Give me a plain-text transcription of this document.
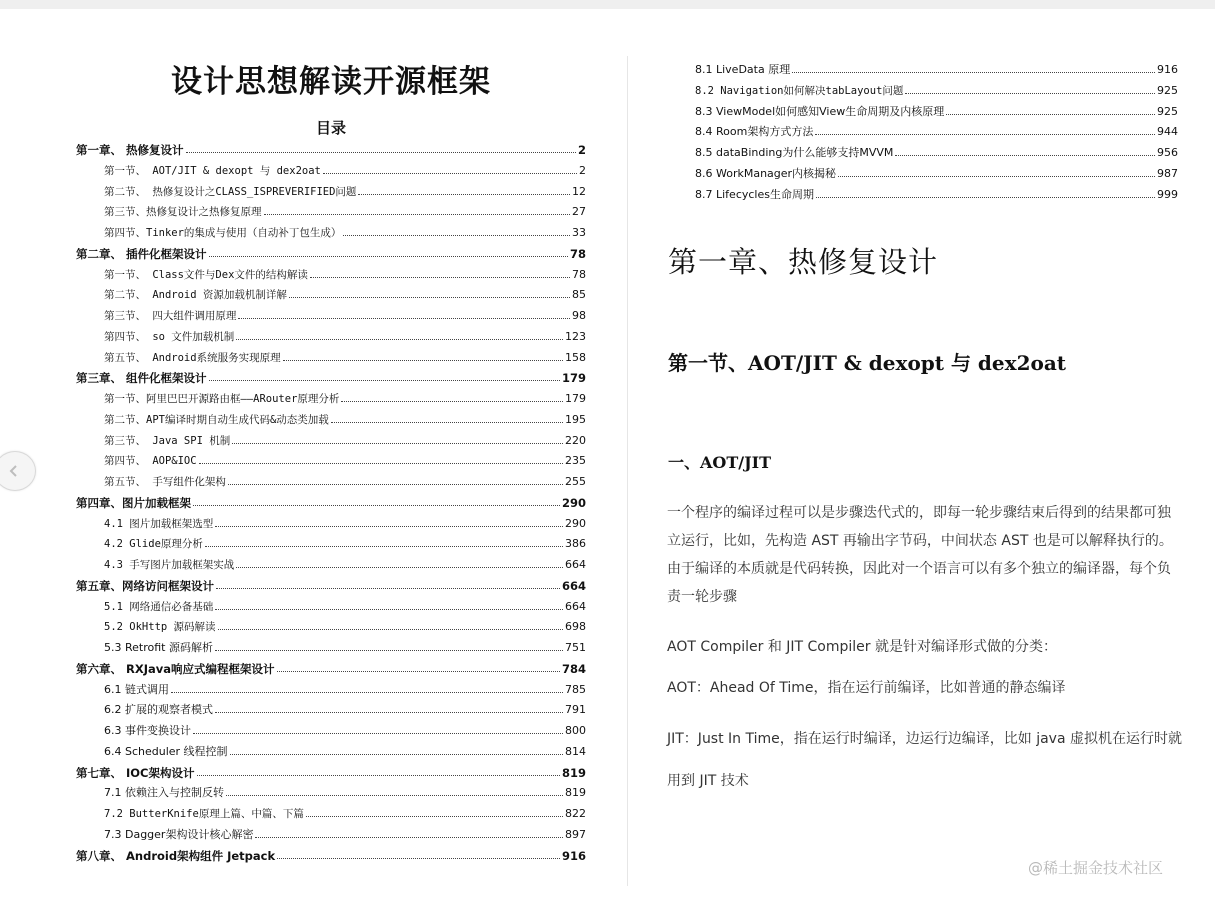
设计思想解读开源框架
目录
第一章、 热修复设计	2
第一节、 AOT/JIT & dexopt 与 dex2oat	2
第二节、 热修复设计之CLASS_ISPREVERIFIED问题	12
第三节、热修复设计之热修复原理	27
第四节、Tinker的集成与使用（自动补丁包生成）	33
第二章、 插件化框架设计	78
第一节、 Class文件与Dex文件的结构解读	78
第二节、 Android 资源加载机制详解	85
第三节、 四大组件调用原理	98
第四节、 so 文件加载机制	123
第五节、 Android系统服务实现原理	158
第三章、 组件化框架设计	179
第一节、阿里巴巴开源路由框——ARouter原理分析	179
第二节、APT编译时期自动生成代码&动态类加载	195
第三节、 Java SPI 机制	220
第四节、 AOP&IOC	235
第五节、 手写组件化架构	255
第四章、图片加载框架	290
4.1 图片加载框架选型	290
4.2 Glide原理分析	386
4.3 手写图片加载框架实战	664
第五章、网络访问框架设计	664
5.1 网络通信必备基础	664
5.2 OkHttp 源码解读	698
5.3 Retrofit 源码解析	751
第六章、 RXJava响应式编程框架设计	784
6.1 链式调用	785
6.2 扩展的观察者模式	791
6.3 事件变换设计	800
6.4 Scheduler 线程控制	814
第七章、 IOC架构设计	819
7.1 依赖注入与控制反转	819
7.2 ButterKnife原理上篇、中篇、下篇	822
7.3 Dagger架构设计核心解密	897
第八章、 Android架构组件 Jetpack	916
8.1 LiveData 原理	916
8.2 Navigation如何解决tabLayout问题	925
8.3 ViewModel如何感知View生命周期及内核原理	925
8.4 Room架构方式方法	944
8.5 dataBinding为什么能够支持MVVM	956
8.6 WorkManager内核揭秘	987
8.7 Lifecycles生命周期	999
第一章、热修复设计
第一节、AOT/JIT & dexopt 与 dex2oat
一、AOT/JIT

一个程序的编译过程可以是步骤迭代式的，即每一轮步骤结束后得到的结果都可独立运行，比如，先构造 AST 再输出字节码，中间状态 AST 也是可以解释执行的。由于编译的本质就是代码转换，因此对一个语言可以有多个独立的编译器，每个负责一轮步骤

AOT Compiler 和 JIT Compiler 就是针对编译形式做的分类：

AOT：Ahead Of Time，指在运行前编译，比如普通的静态编译

JIT：Just In Time，指在运行时编译，边运行边编译，比如 java 虚拟机在运行时就用到 JIT 技术

@稀土掘金技术社区
